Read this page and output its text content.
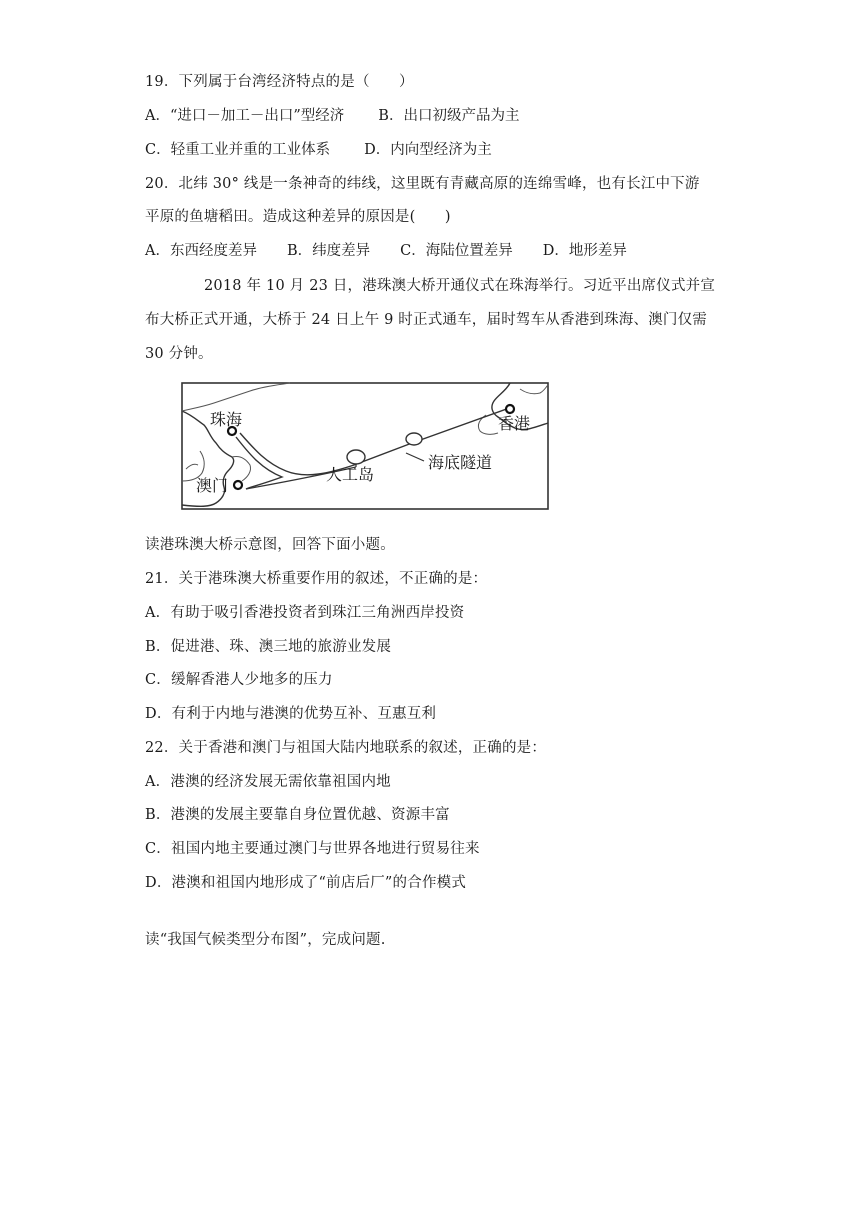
19．下列属于台湾经济特点的是（　　）
A．“进口－加工－出口”型经济 B．出口初级产品为主
C．轻重工业并重的工业体系 D．内向型经济为主
20．北纬 30° 线是一条神奇的纬线，这里既有青藏高原的连绵雪峰，也有长江中下游
平原的鱼塘稻田。造成这种差异的原因是(　　)
A．东西经度差异 B．纬度差异 C．海陆位置差异 D．地形差异
2018 年 10 月 23 日，港珠澳大桥开通仪式在珠海举行。习近平出席仪式并宣
布大桥正式开通，大桥于 24 日上午 9 时正式通车，届时驾车从香港到珠海、澳门仅需
30 分钟。
珠海
澳门
人工岛
海底隧道
香港
读港珠澳大桥示意图，回答下面小题。
21．关于港珠澳大桥重要作用的叙述，不正确的是：
A．有助于吸引香港投资者到珠江三角洲西岸投资
B．促进港、珠、澳三地的旅游业发展
C．缓解香港人少地多的压力
D．有利于内地与港澳的优势互补、互惠互利
22．关于香港和澳门与祖国大陆内地联系的叙述，正确的是：
A．港澳的经济发展无需依靠祖国内地
B．港澳的发展主要靠自身位置优越、资源丰富
C．祖国内地主要通过澳门与世界各地进行贸易往来
D．港澳和祖国内地形成了“前店后厂”的合作模式
读“我国气候类型分布图”，完成问题.
